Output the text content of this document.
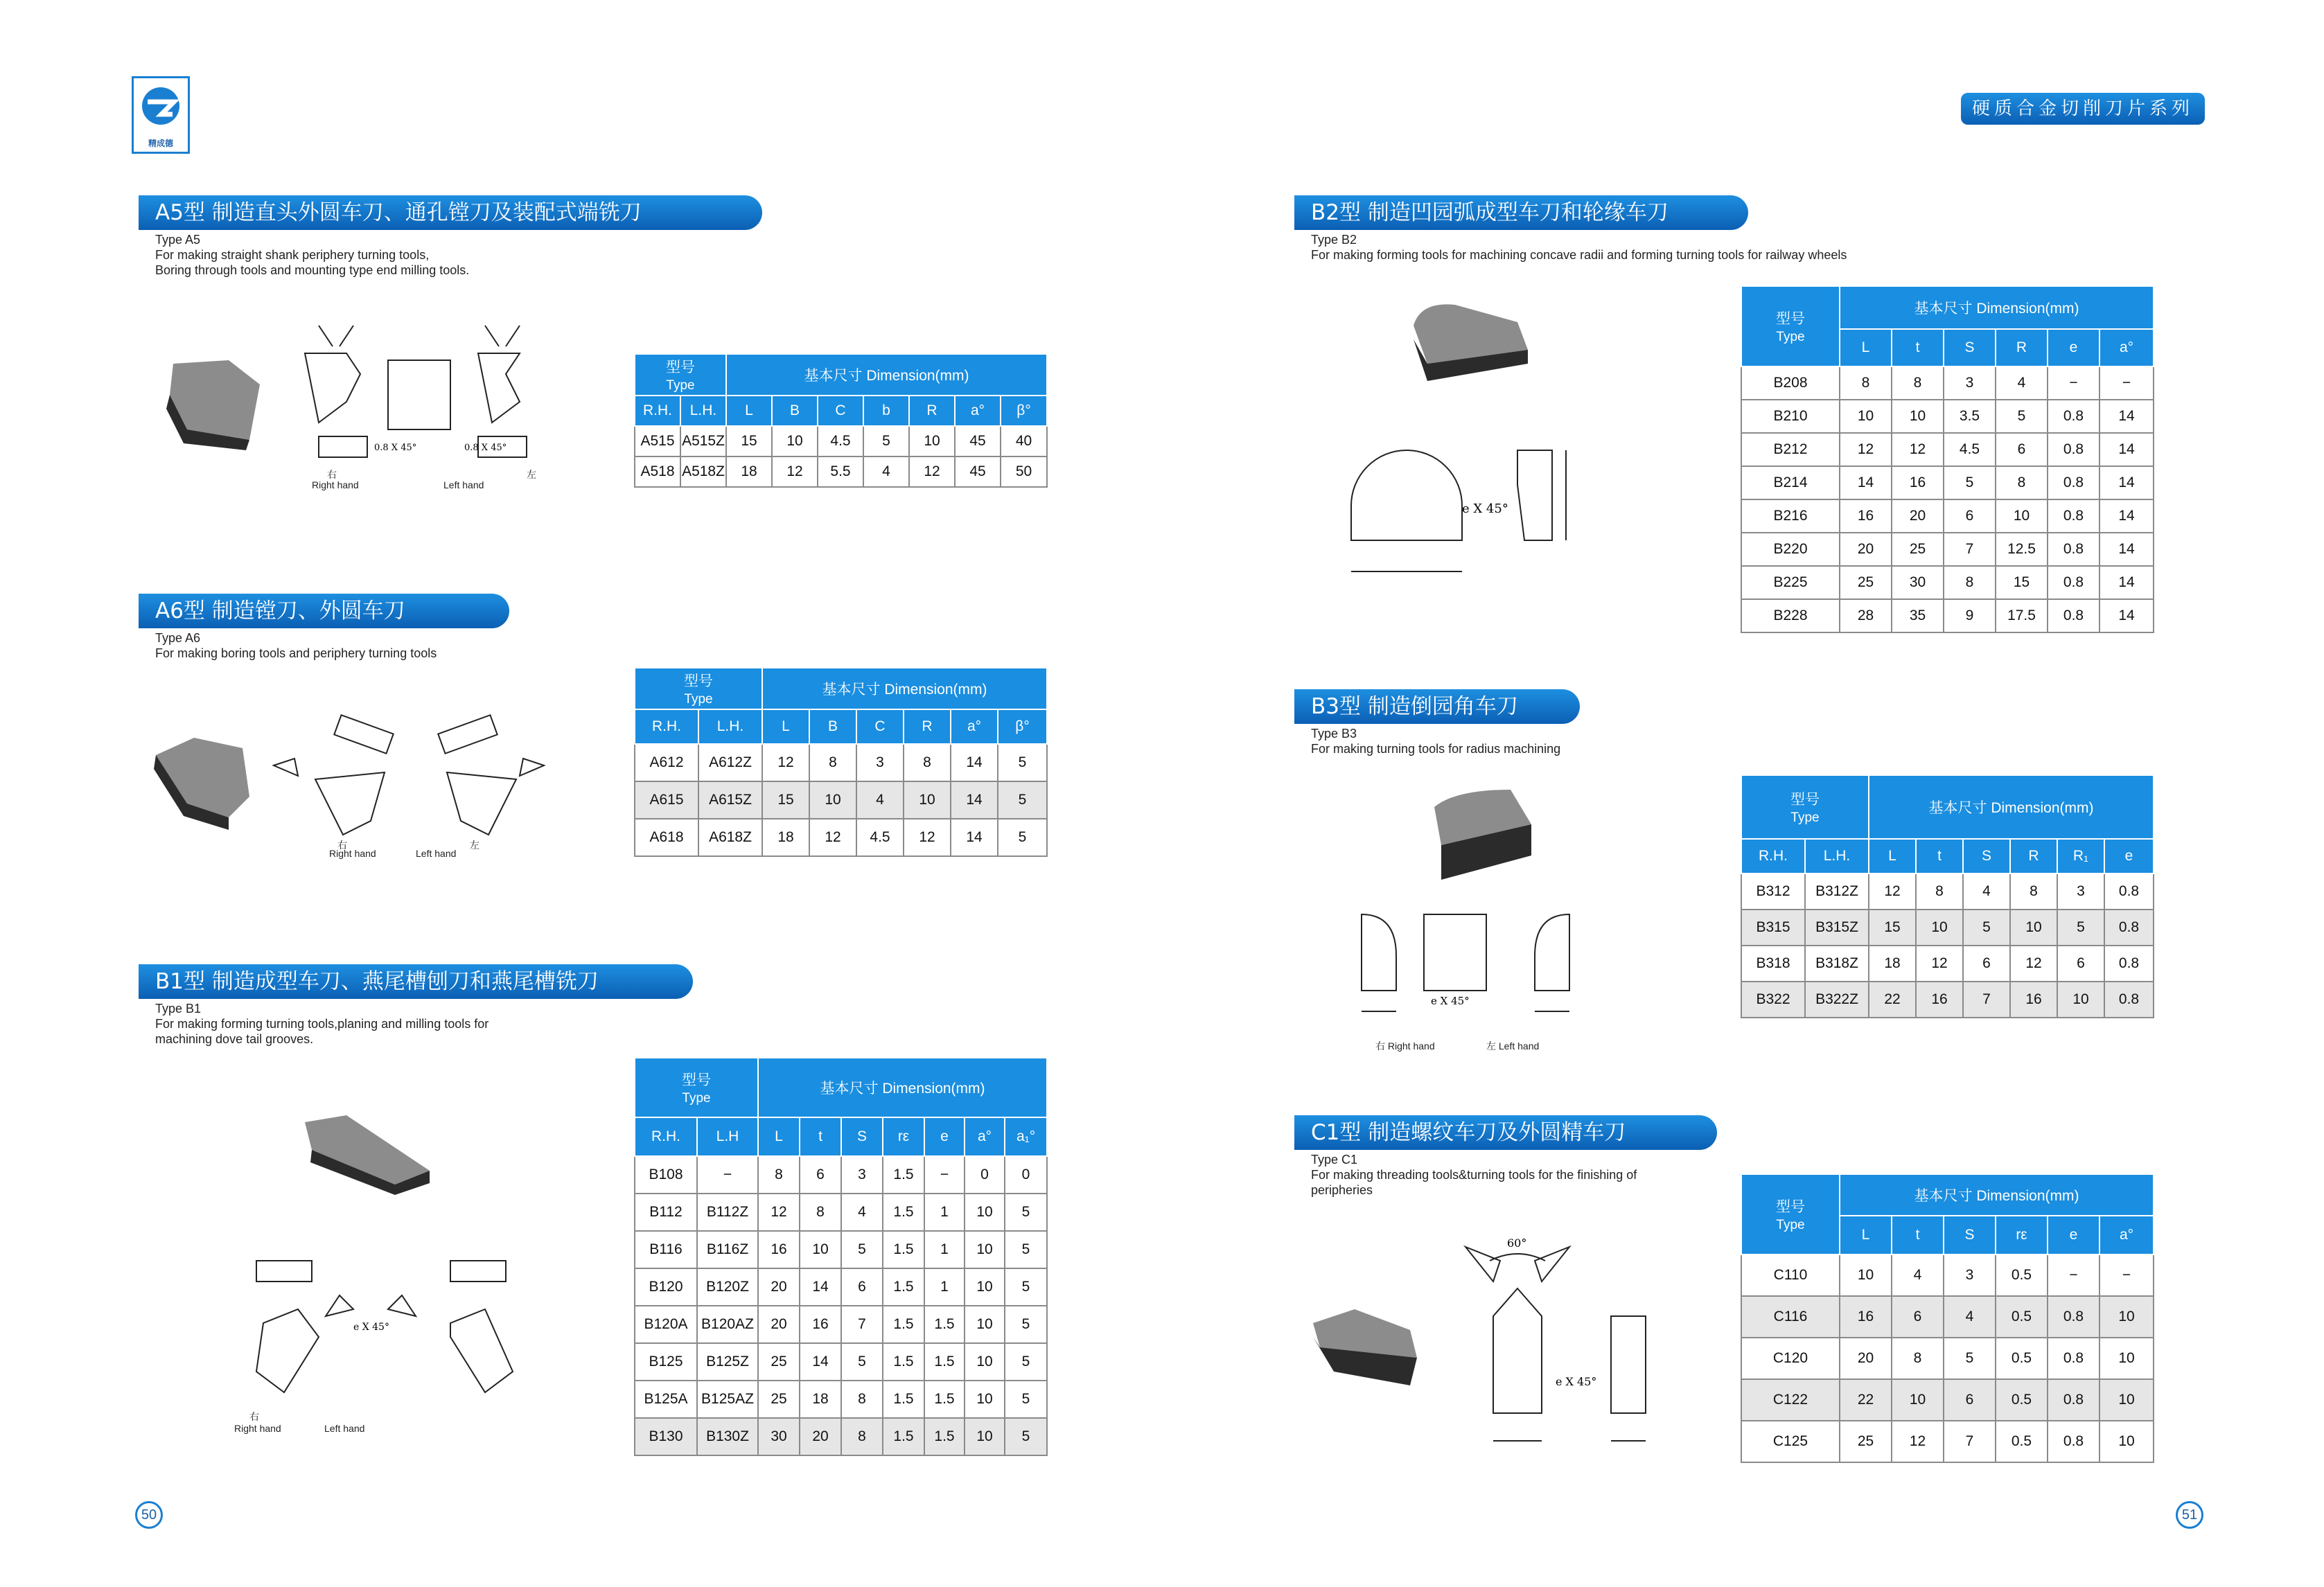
精成德
硬质合金切削刀片系列
A5型 制造直头外圆车刀、通孔镗刀及装配式端铣刀
Type A5
For making straight shank periphery turning tools,
Boring through tools and mounting type end milling tools.
0.8 X 45°	0.8 X 45°
右
Right hand	Left hand
左
型号
Type		基本尺寸 Dimension(mm)						
R.H.	L.H.	L	B	C	b	R	a°	β°
A515	A515Z	15	10	4.5	5	10	45	40
A518	A518Z	18	12	5.5	4	12	45	50
A6型 制造镗刀、外圆车刀
Type A6
For making boring tools and periphery turning tools
右
Right hand	Left hand
左
型号
Type		基本尺寸 Dimension(mm)					
R.H.	L.H.	L	B	C	R	a°	β°
A612	A612Z	12	8	3	8	14	5
A615	A615Z	15	10	4	10	14	5
A618	A618Z	18	12	4.5	12	14	5
B1型 制造成型车刀、燕尾槽刨刀和燕尾槽铣刀
Type B1
For making forming turning tools,planing and milling tools for
machining dove tail grooves.
e X 45°
右
Right hand	Left hand
型号
Type		基本尺寸 Dimension(mm)						
R.H.	L.H	L	t	S	rε	e	a°	a₁°
B108	−	8	6	3	1.5	−	0	0
B112	B112Z	12	8	4	1.5	1	10	5
B116	B116Z	16	10	5	1.5	1	10	5
B120	B120Z	20	14	6	1.5	1	10	5
B120A	B120AZ	20	16	7	1.5	1.5	10	5
B125	B125Z	25	14	5	1.5	1.5	10	5
B125A	B125AZ	25	18	8	1.5	1.5	10	5
B130	B130Z	30	20	8	1.5	1.5	10	5
50
B2型 制造凹园弧成型车刀和轮缘车刀
Type B2
For making forming tools for machining concave radii and forming turning tools for railway wheels
e X 45°
型号
Type	基本尺寸 Dimension(mm)					
	L	t	S	R	e	a°
B208	8	8	3	4	−	−
B210	10	10	3.5	5	0.8	14
B212	12	12	4.5	6	0.8	14
B214	14	16	5	8	0.8	14
B216	16	20	6	10	0.8	14
B220	20	25	7	12.5	0.8	14
B225	25	30	8	15	0.8	14
B228	28	35	9	17.5	0.8	14
B3型 制造倒园角车刀
Type B3
For making turning tools for radius machining
e X 45°
右 Right hand	左 Left hand
型号
Type		基本尺寸 Dimension(mm)					
R.H.	L.H.	L	t	S	R	R₁	e
B312	B312Z	12	8	4	8	3	0.8
B315	B315Z	15	10	5	10	5	0.8
B318	B318Z	18	12	6	12	6	0.8
B322	B322Z	22	16	7	16	10	0.8
C1型 制造螺纹车刀及外圆精车刀
Type C1
For making threading tools&turning tools for the finishing of
peripheries
60°
e X 45°
型号
Type	基本尺寸 Dimension(mm)					
	L	t	S	rε	e	a°
C110	10	4	3	0.5	−	−
C116	16	6	4	0.5	0.8	10
C120	20	8	5	0.5	0.8	10
C122	22	10	6	0.5	0.8	10
C125	25	12	7	0.5	0.8	10
51
